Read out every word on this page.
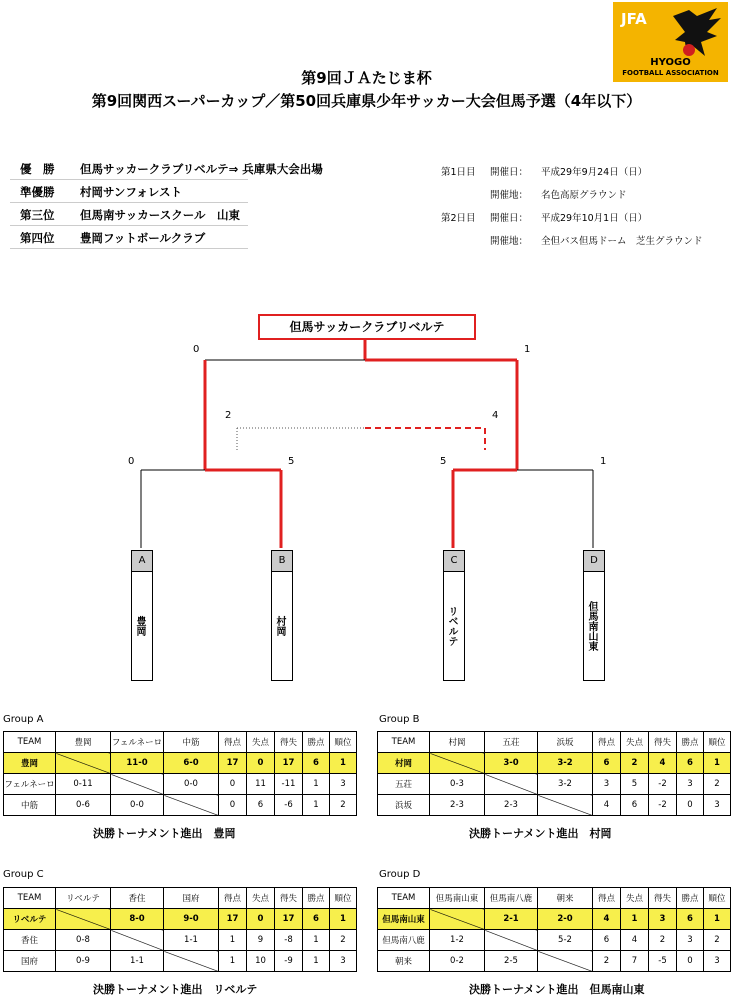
JFA
HYOGO
FOOTBALL ASSOCIATION
第9回ＪＡたじま杯
第9回関西スーパーカップ／第50回兵庫県少年サッカー大会但馬予選（4年以下）
優　勝 但馬サッカークラブリベルテ⇒ 兵庫県大会出場
準優勝 村岡サンフォレスト
第三位 但馬南サッカースクール　山東
第四位 豊岡フットボールクラブ
第1日目 開催日： 平成29年9月24日（日）
開催地： 名色高原グラウンド
第2日目 開催日： 平成29年10月1日（日）
開催地： 全但バス但馬ドーム　芝生グラウンド
但馬サッカークラブリベルテ
0	1
2	4
0	5	5	1
A
豊岡
B
村岡
C
リベルテ
D
但馬南山東
Group A
TEAM	豊岡	フェルネーロ	中筋	得点	失点	得失	勝点	順位
豊岡		11-0	6-0	17	0	17	6	1
フェルネーロ	0-11		0-0	0	11	-11	1	3
中筋	0-6	0-0		0	6	-6	1	2
決勝トーナメント進出　豊岡
Group B
TEAM	村岡	五荘	浜坂	得点	失点	得失	勝点	順位
村岡		3-0	3-2	6	2	4	6	1
五荘	0-3		3-2	3	5	-2	3	2
浜坂	2-3	2-3		4	6	-2	0	3
決勝トーナメント進出　村岡
Group C
TEAM	リベルテ	香住	国府	得点	失点	得失	勝点	順位
リベルテ		8-0	9-0	17	0	17	6	1
香住	0-8		1-1	1	9	-8	1	2
国府	0-9	1-1		1	10	-9	1	3
決勝トーナメント進出　リベルテ
Group D
TEAM	但馬南山東	但馬南八鹿	朝来	得点	失点	得失	勝点	順位
但馬南山東		2-1	2-0	4	1	3	6	1
但馬南八鹿	1-2		5-2	6	4	2	3	2
朝来	0-2	2-5		2	7	-5	0	3
決勝トーナメント進出　但馬南山東
